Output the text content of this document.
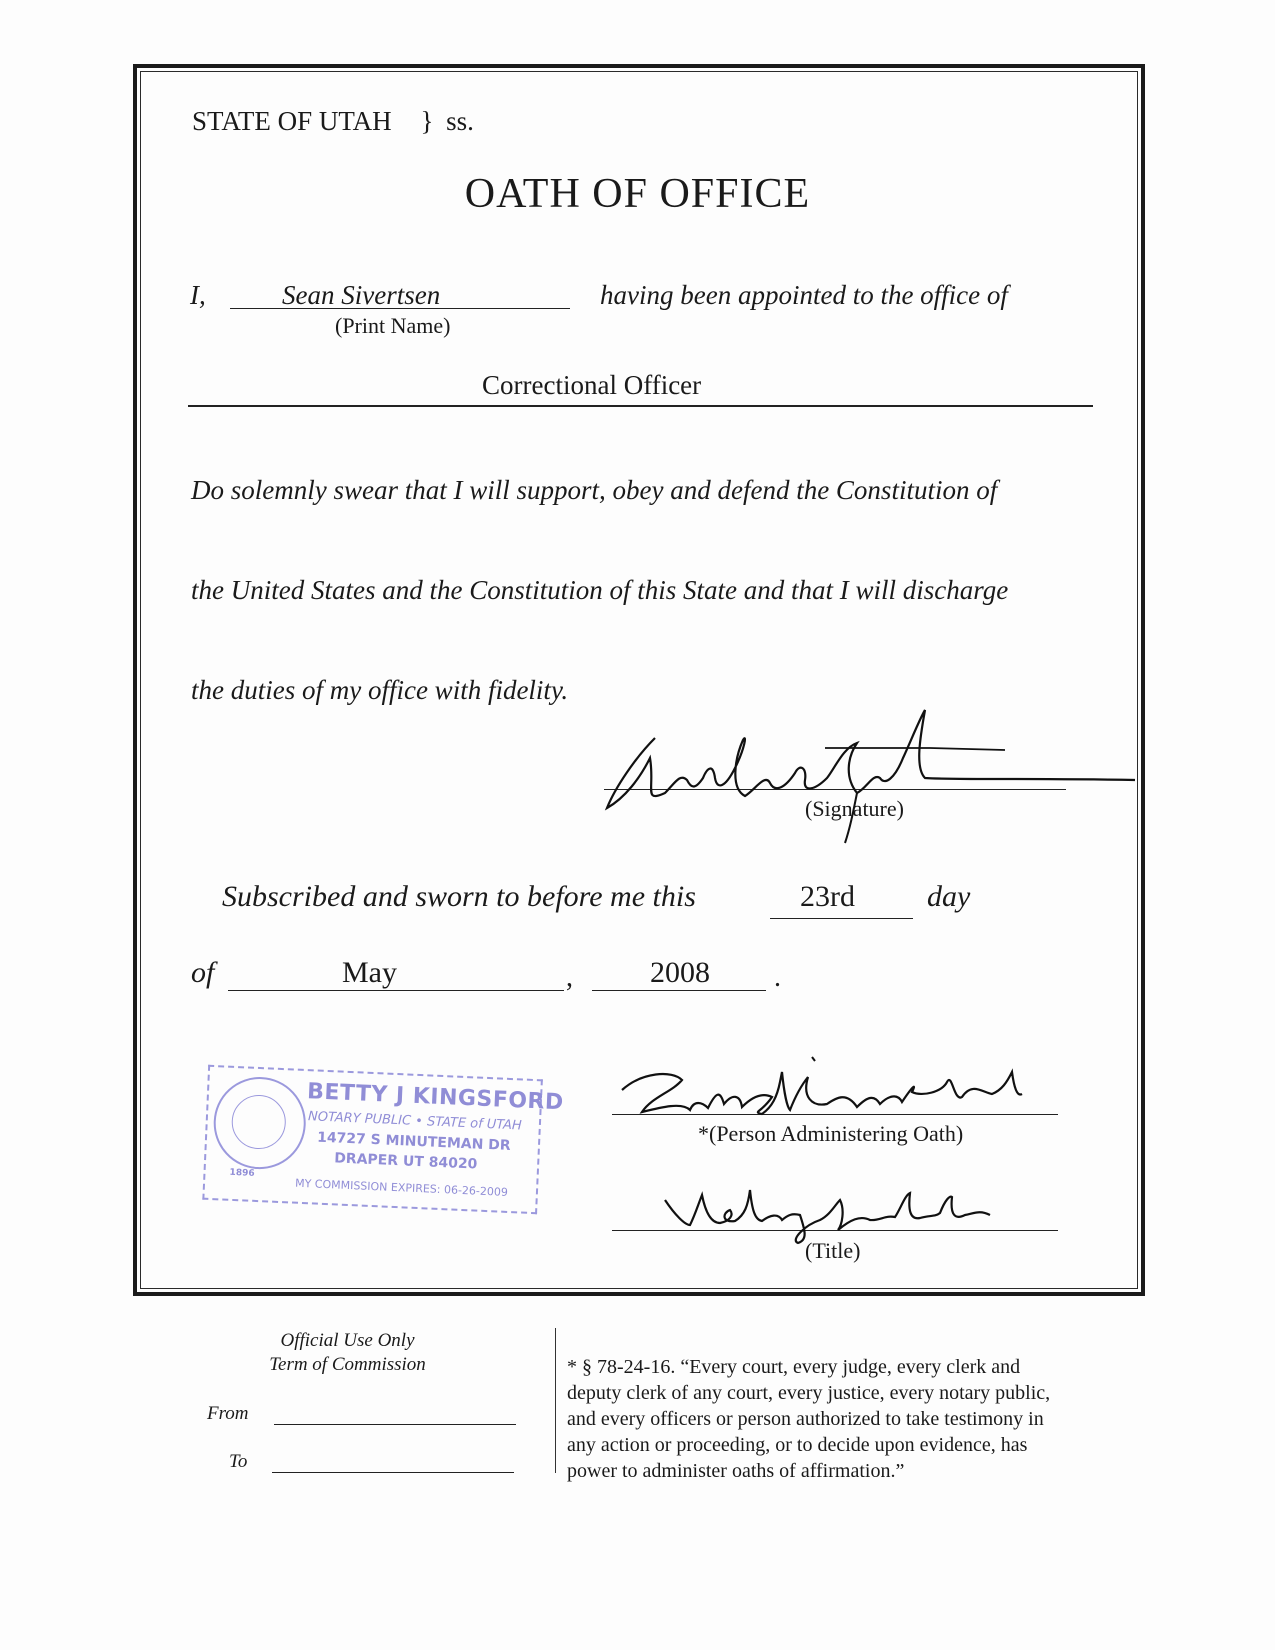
STATE OF UTAH } ss.
OATH OF OFFICE
I,	Sean Sivertsen
(Print Name)
having been appointed to the office of
Correctional Officer
Do solemnly swear that I will support, obey and defend the Constitution of
the United States and the Constitution of this State and that I will discharge
the duties of my office with fidelity.
(Signature)
Subscribed and sworn to before me this	23rd day
of	May	,	2008 .
1896
BETTY J KINGSFORD
NOTARY PUBLIC • STATE of UTAH
14727 S MINUTEMAN DR
DRAPER UT 84020
MY COMMISSION EXPIRES: 06-26-2009
*(Person Administering Oath)
(Title)
Official Use Only
Term of Commission
From
To
* § 78-24-16. “Every court, every judge, every clerk and
deputy clerk of any court, every justice, every notary public,
and every officers or person authorized to take testimony in
any action or proceeding, or to decide upon evidence, has
power to administer oaths of affirmation.”
